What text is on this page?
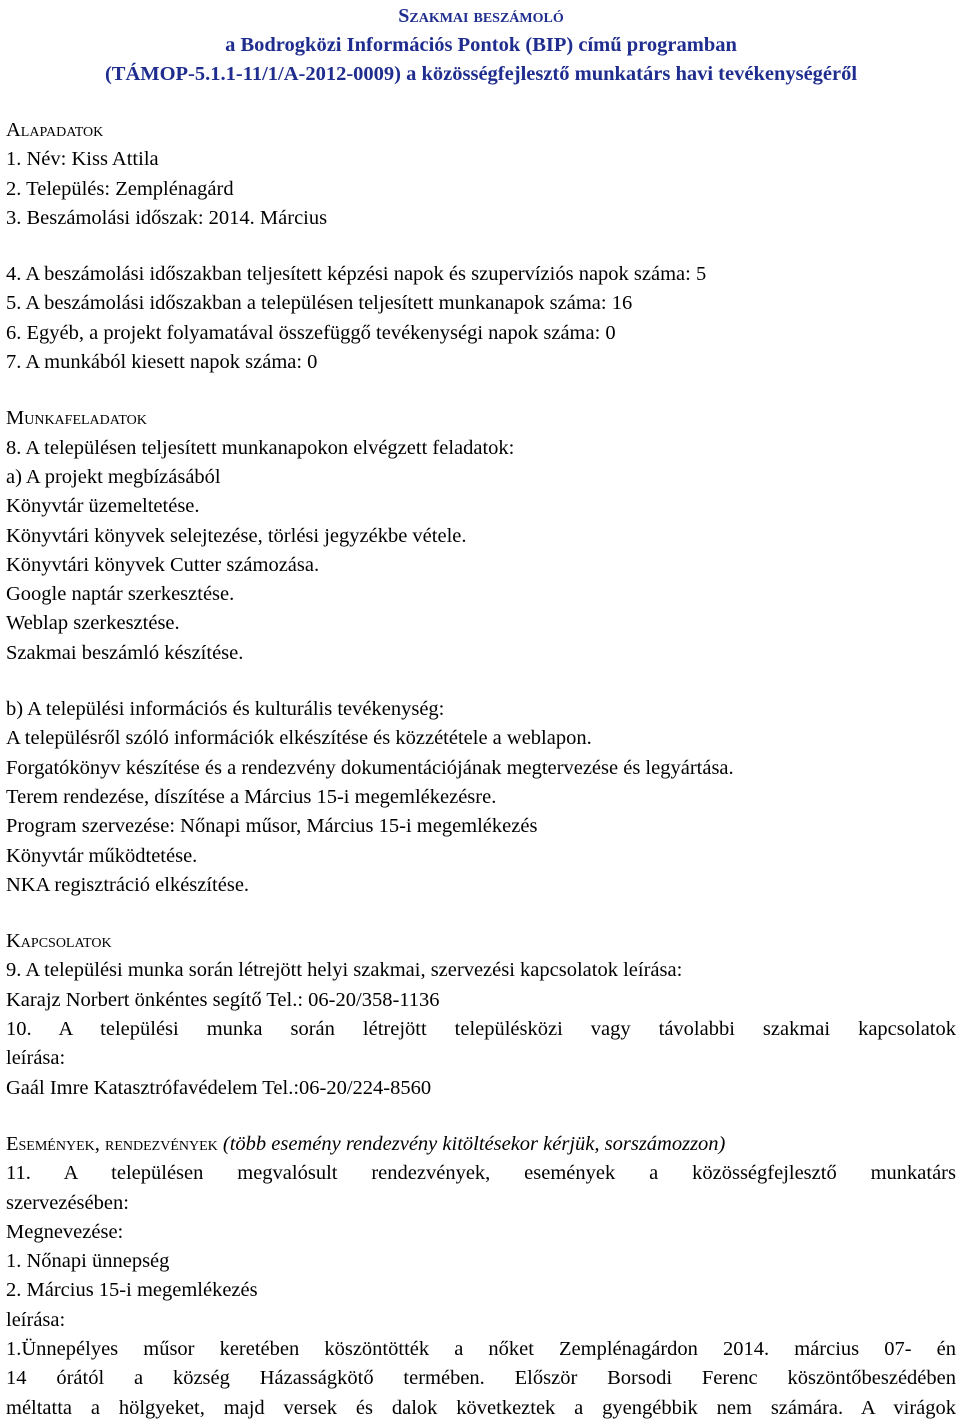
Szakmai beszámoló
a Bodrogközi Információs Pontok (BIP) című programban
(TÁMOP-5.1.1-11/1/A-2012-0009) a közösségfejlesztő munkatárs havi tevékenységéről
Alapadatok
1. Név: Kiss Attila
2. Település: Zemplénagárd
3. Beszámolási időszak: 2014. Március
4. A beszámolási időszakban teljesített képzési napok és szupervíziós napok száma: 5
5. A beszámolási időszakban a településen teljesített munkanapok száma: 16
6. Egyéb, a projekt folyamatával összefüggő tevékenységi napok száma: 0
7. A munkából kiesett napok száma: 0
Munkafeladatok
8. A településen teljesített munkanapokon elvégzett feladatok:
a) A projekt megbízásából
Könyvtár üzemeltetése.
Könyvtári könyvek selejtezése, törlési jegyzékbe vétele.
Könyvtári könyvek Cutter számozása.
Google naptár szerkesztése.
Weblap szerkesztése.
Szakmai beszámló készítése.
b) A települési információs és kulturális tevékenység:
A településről szóló információk elkészítése és közzététele a weblapon.
Forgatókönyv készítése és a rendezvény dokumentációjának megtervezése és legyártása.
Terem rendezése, díszítése a Március 15-i megemlékezésre.
Program szervezése: Nőnapi műsor, Március 15-i megemlékezés
Könyvtár működtetése.
NKA regisztráció elkészítése.
Kapcsolatok
9. A települési munka során létrejött helyi szakmai, szervezési kapcsolatok leírása:
Karajz Norbert önkéntes segítő Tel.: 06-20/358-1136
10. A települési munka során létrejött településközi vagy távolabbi szakmai kapcsolatok
leírása:
Gaál Imre Katasztrófavédelem Tel.:06-20/224-8560
Események, rendezvények (több esemény rendezvény kitöltésekor kérjük, sorszámozzon)
11. A településen megvalósult rendezvények, események a közösségfejlesztő munkatárs
szervezésében:
Megnevezése:
1. Nőnapi ünnepség
2. Március 15-i megemlékezés
leírása:
1.Ünnepélyes műsor keretében köszöntötték a nőket Zemplénagárdon 2014. március 07- én
14 órától a község Házasságkötő termében. Először Borsodi Ferenc köszöntőbeszédében
méltatta a hölgyeket, majd versek és dalok következtek a gyengébbik nem számára. A virágok
